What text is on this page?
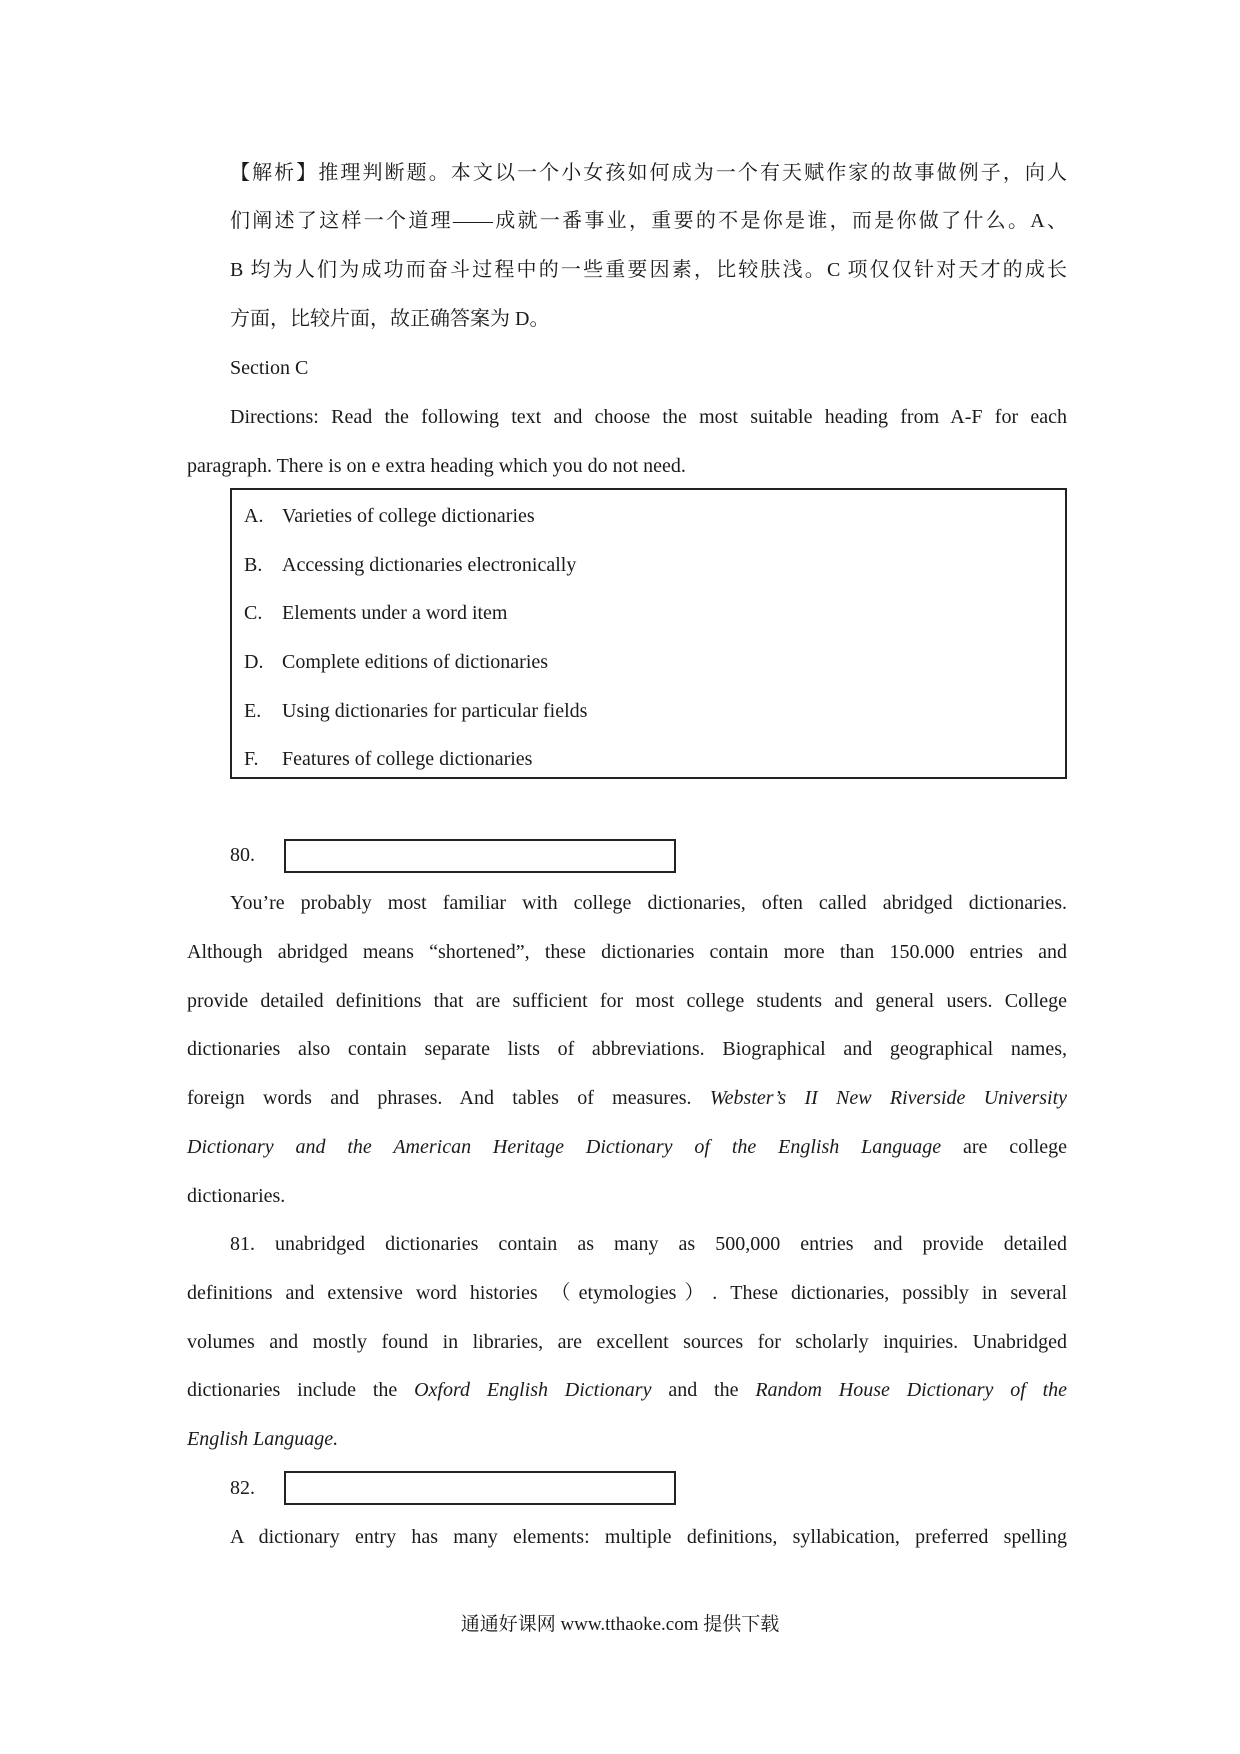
【解析】推理判断题。本文以一个小女孩如何成为一个有天赋作家的故事做例子，向人
们阐述了这样一个道理——成就一番事业，重要的不是你是谁，而是你做了什么。A、
B 均为人们为成功而奋斗过程中的一些重要因素，比较肤浅。C 项仅仅针对天才的成长
方面，比较片面，故正确答案为 D。
Section C
Directions: Read the following text and choose the most suitable heading from A-F for each
paragraph. There is on e extra heading which you do not need.
A. Varieties of college dictionaries
B. Accessing dictionaries electronically
C. Elements under a word item
D. Complete editions of dictionaries
E. Using dictionaries for particular fields
F. Features of college dictionaries
80.
You’re probably most familiar with college dictionaries, often called abridged dictionaries.
Although abridged means “shortened”, these dictionaries contain more than 150.000 entries and
provide detailed definitions that are sufficient for most college students and general users. College
dictionaries also contain separate lists of abbreviations. Biographical and geographical names,
foreign words and phrases. And tables of measures. Webster’s II New Riverside University
Dictionary and the American Heritage Dictionary of the English Language are college
dictionaries.
81. unabridged dictionaries contain as many as 500,000 entries and provide detailed
definitions and extensive word histories （etymologies）. These dictionaries, possibly in several
volumes and mostly found in libraries, are excellent sources for scholarly inquiries. Unabridged
dictionaries include the Oxford English Dictionary and the Random House Dictionary of the
English Language.
82.
A dictionary entry has many elements: multiple definitions, syllabication, preferred spelling
通通好课网 www.tthaoke.com 提供下载
